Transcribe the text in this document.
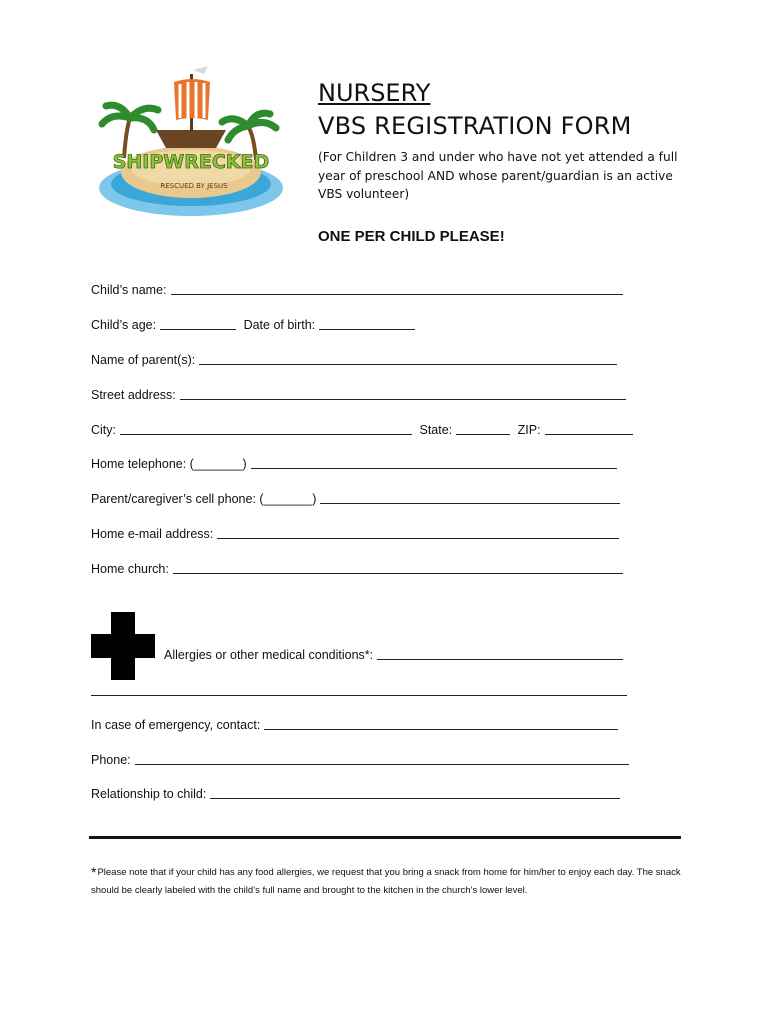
SHIPWRECKED
RESCUED BY JESUS
NURSERY
VBS REGISTRATION FORM
(For Children 3 and under who have not yet attended a full year of preschool AND whose parent/guardian is an active VBS volunteer)
ONE PER CHILD PLEASE!
Child’s name:
Child’s age:	Date of birth:
Name of parent(s):
Street address:
City:	State:	ZIP:
Home telephone: (_______)
Parent/caregiver’s cell phone: (_______)
Home e-mail address:
Home church:
Allergies or other medical conditions*:
In case of emergency, contact:
Phone:
Relationship to child:
*Please note that if your child has any food allergies, we request that you bring a snack from home for him/her to enjoy each day. The snack should be clearly labeled with the child’s full name and brought to the kitchen in the church’s lower level.
